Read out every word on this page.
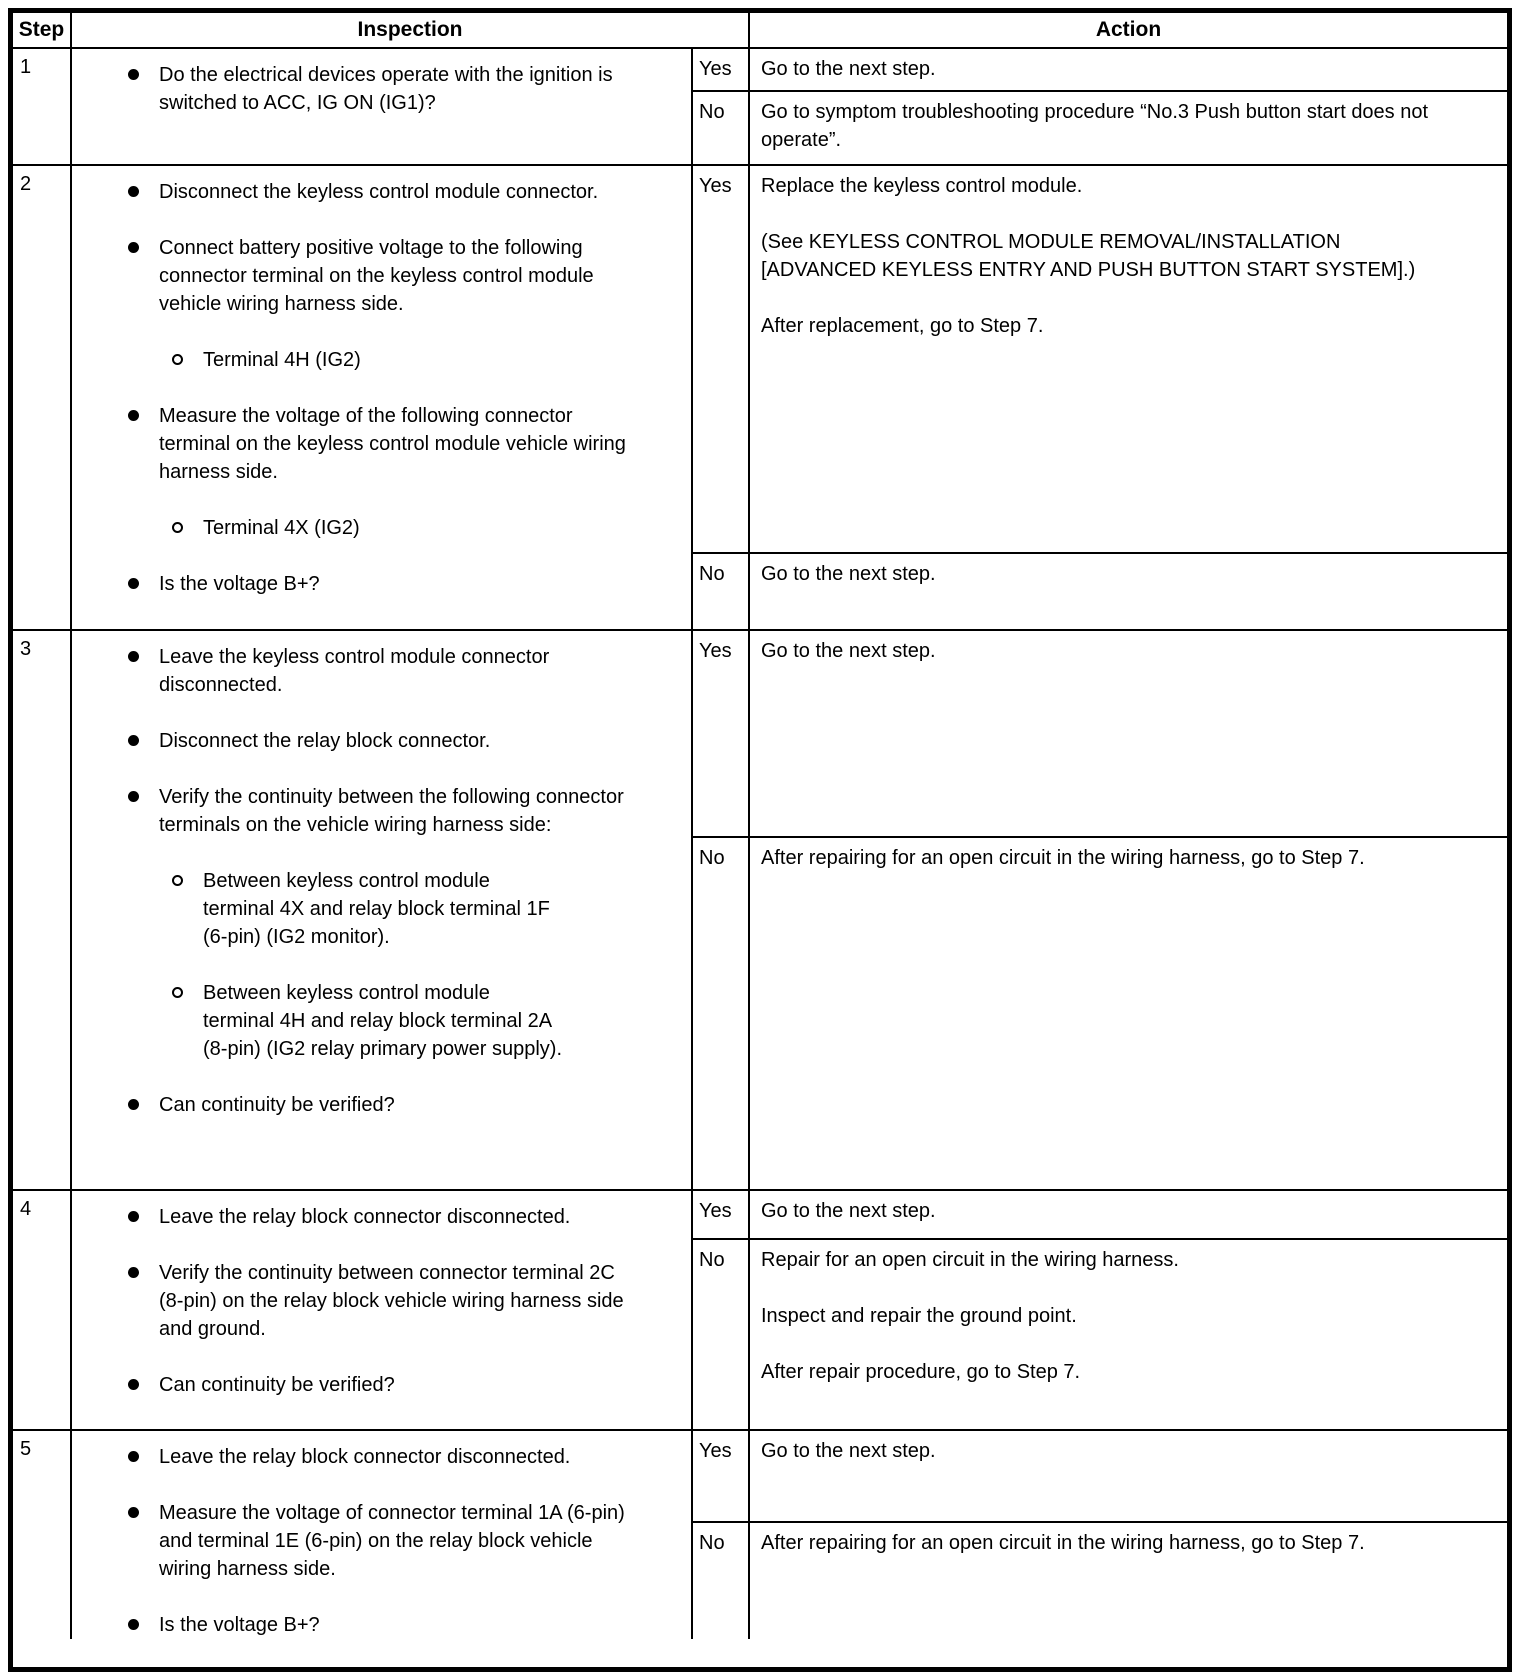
Step	Inspection	Action
1	Do the electrical devices operate with the ignition is switched to ACC, IG ON (IG1)?
Yes	Go to the next step.
No	Go to symptom troubleshooting procedure “No.3 Push button start does not operate”.
2	Disconnect the keyless control module connector.
Connect battery positive voltage to the following connector terminal on the keyless control module vehicle wiring harness side.
Terminal 4H (IG2)
Measure the voltage of the following connector terminal on the keyless control module vehicle wiring harness side.
Terminal 4X (IG2)
Is the voltage B+?
Yes	Replace the keyless control module.
(See KEYLESS CONTROL MODULE REMOVAL/INSTALLATION [ADVANCED KEYLESS ENTRY AND PUSH BUTTON START SYSTEM].)
After replacement, go to Step 7.
No	Go to the next step.
3	Leave the keyless control module connector disconnected.
Disconnect the relay block connector.
Verify the continuity between the following connector terminals on the vehicle wiring harness side:
Between keyless control module terminal 4X and relay block terminal 1F (6-pin) (IG2 monitor).
Between keyless control module terminal 4H and relay block terminal 2A (8-pin) (IG2 relay primary power supply).
Can continuity be verified?
Yes	Go to the next step.
No	After repairing for an open circuit in the wiring harness, go to Step 7.
4	Leave the relay block connector disconnected.
Verify the continuity between connector terminal 2C (8-pin) on the relay block vehicle wiring harness side and ground.
Can continuity be verified?
Yes	Go to the next step.
No	Repair for an open circuit in the wiring harness.
Inspect and repair the ground point.
After repair procedure, go to Step 7.
5	Leave the relay block connector disconnected.
Measure the voltage of connector terminal 1A (6-pin) and terminal 1E (6-pin) on the relay block vehicle wiring harness side.
Is the voltage B+?
Yes	Go to the next step.
No	After repairing for an open circuit in the wiring harness, go to Step 7.
